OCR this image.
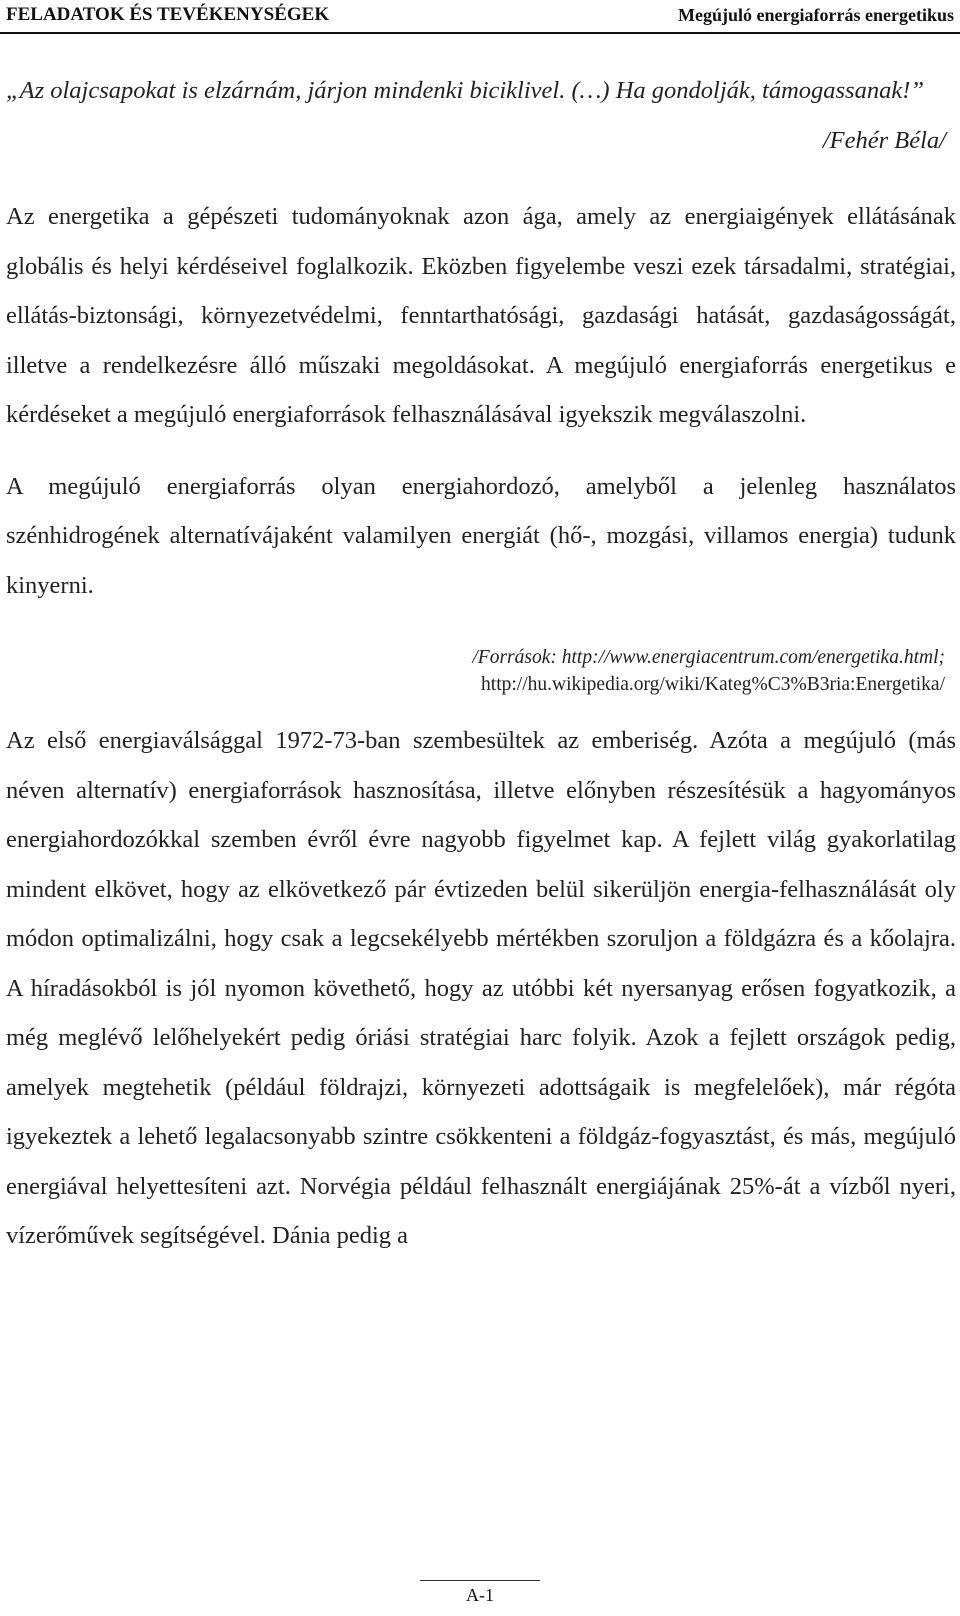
FELADATOK ÉS TEVÉKENYSÉGEK	Megújuló energiaforrás energetikus

„Az olajcsapokat is elzárnám, járjon mindenki biciklivel. (…) Ha gondolják, támogassanak!”

/Fehér Béla/

Az energetika a gépészeti tudományoknak azon ága, amely az energiaigények ellátásának globális és helyi kérdéseivel foglalkozik. Eközben figyelembe veszi ezek társadalmi, stratégiai, ellátás-biztonsági, környezetvédelmi, fenntarthatósági, gazdasági hatását, gazdaságosságát, illetve a rendelkezésre álló műszaki megoldásokat. A megújuló energiaforrás energetikus e kérdéseket a megújuló energiaforrások felhasználásával igyekszik megválaszolni.

A megújuló energiaforrás olyan energiahordozó, amelyből a jelenleg használatos szénhidrogének alternatívájaként valamilyen energiát (hő-, mozgási, villamos energia) tudunk kinyerni.

/Források: http://www.energiacentrum.com/energetika.html;
http://hu.wikipedia.org/wiki/Kateg%C3%B3ria:Energetika/

Az első energiaválsággal 1972-73-ban szembesültek az emberiség. Azóta a megújuló (más néven alternatív) energiaforrások hasznosítása, illetve előnyben részesítésük a hagyományos energiahordozókkal szemben évről évre nagyobb figyelmet kap. A fejlett világ gyakorlatilag mindent elkövet, hogy az elkövetkező pár évtizeden belül sikerüljön energia-felhasználását oly módon optimalizálni, hogy csak a legcsekélyebb mértékben szoruljon a földgázra és a kőolajra. A híradásokból is jól nyomon követhető, hogy az utóbbi két nyersanyag erősen fogyatkozik, a még meglévő lelőhelyekért pedig óriási stratégiai harc folyik. Azok a fejlett országok pedig, amelyek megtehetik (például földrajzi, környezeti adottságaik is megfelelőek), már régóta igyekeztek a lehető legalacsonyabb szintre csökkenteni a földgáz-fogyasztást, és más, megújuló energiával helyettesíteni azt. Norvégia például felhasznált energiájának 25%-át a vízből nyeri, vízerőművek segítségével. Dánia pedig a

A-1
